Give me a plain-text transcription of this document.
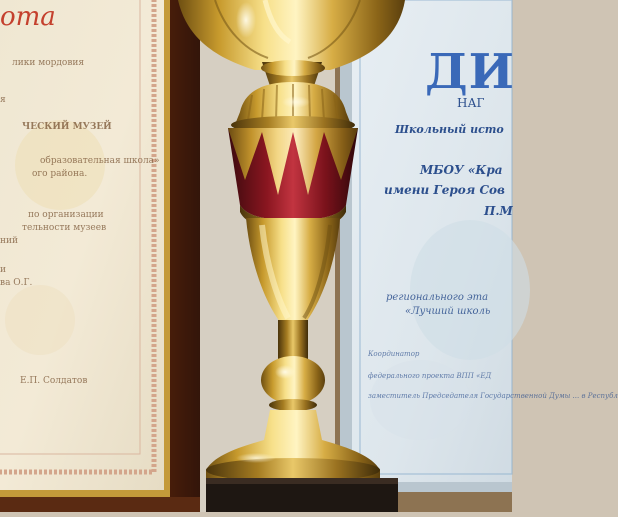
ота
лики мордовия
я
ЧЕСКИЙ МУЗЕЙ
образовательная школа»
ого района.
по организации
тельности музеев
ний
и
ва О.Г.
Е.П. Солдатов
ДИ
НАГ
Школьный исто
МБОУ «Кра
имени Героя Сов
П.М
регионального эта
«Лучший школь
Координатор
федерального проекта ВПП «ЕД
заместитель Председателя Государственной Думы ... в Республ
